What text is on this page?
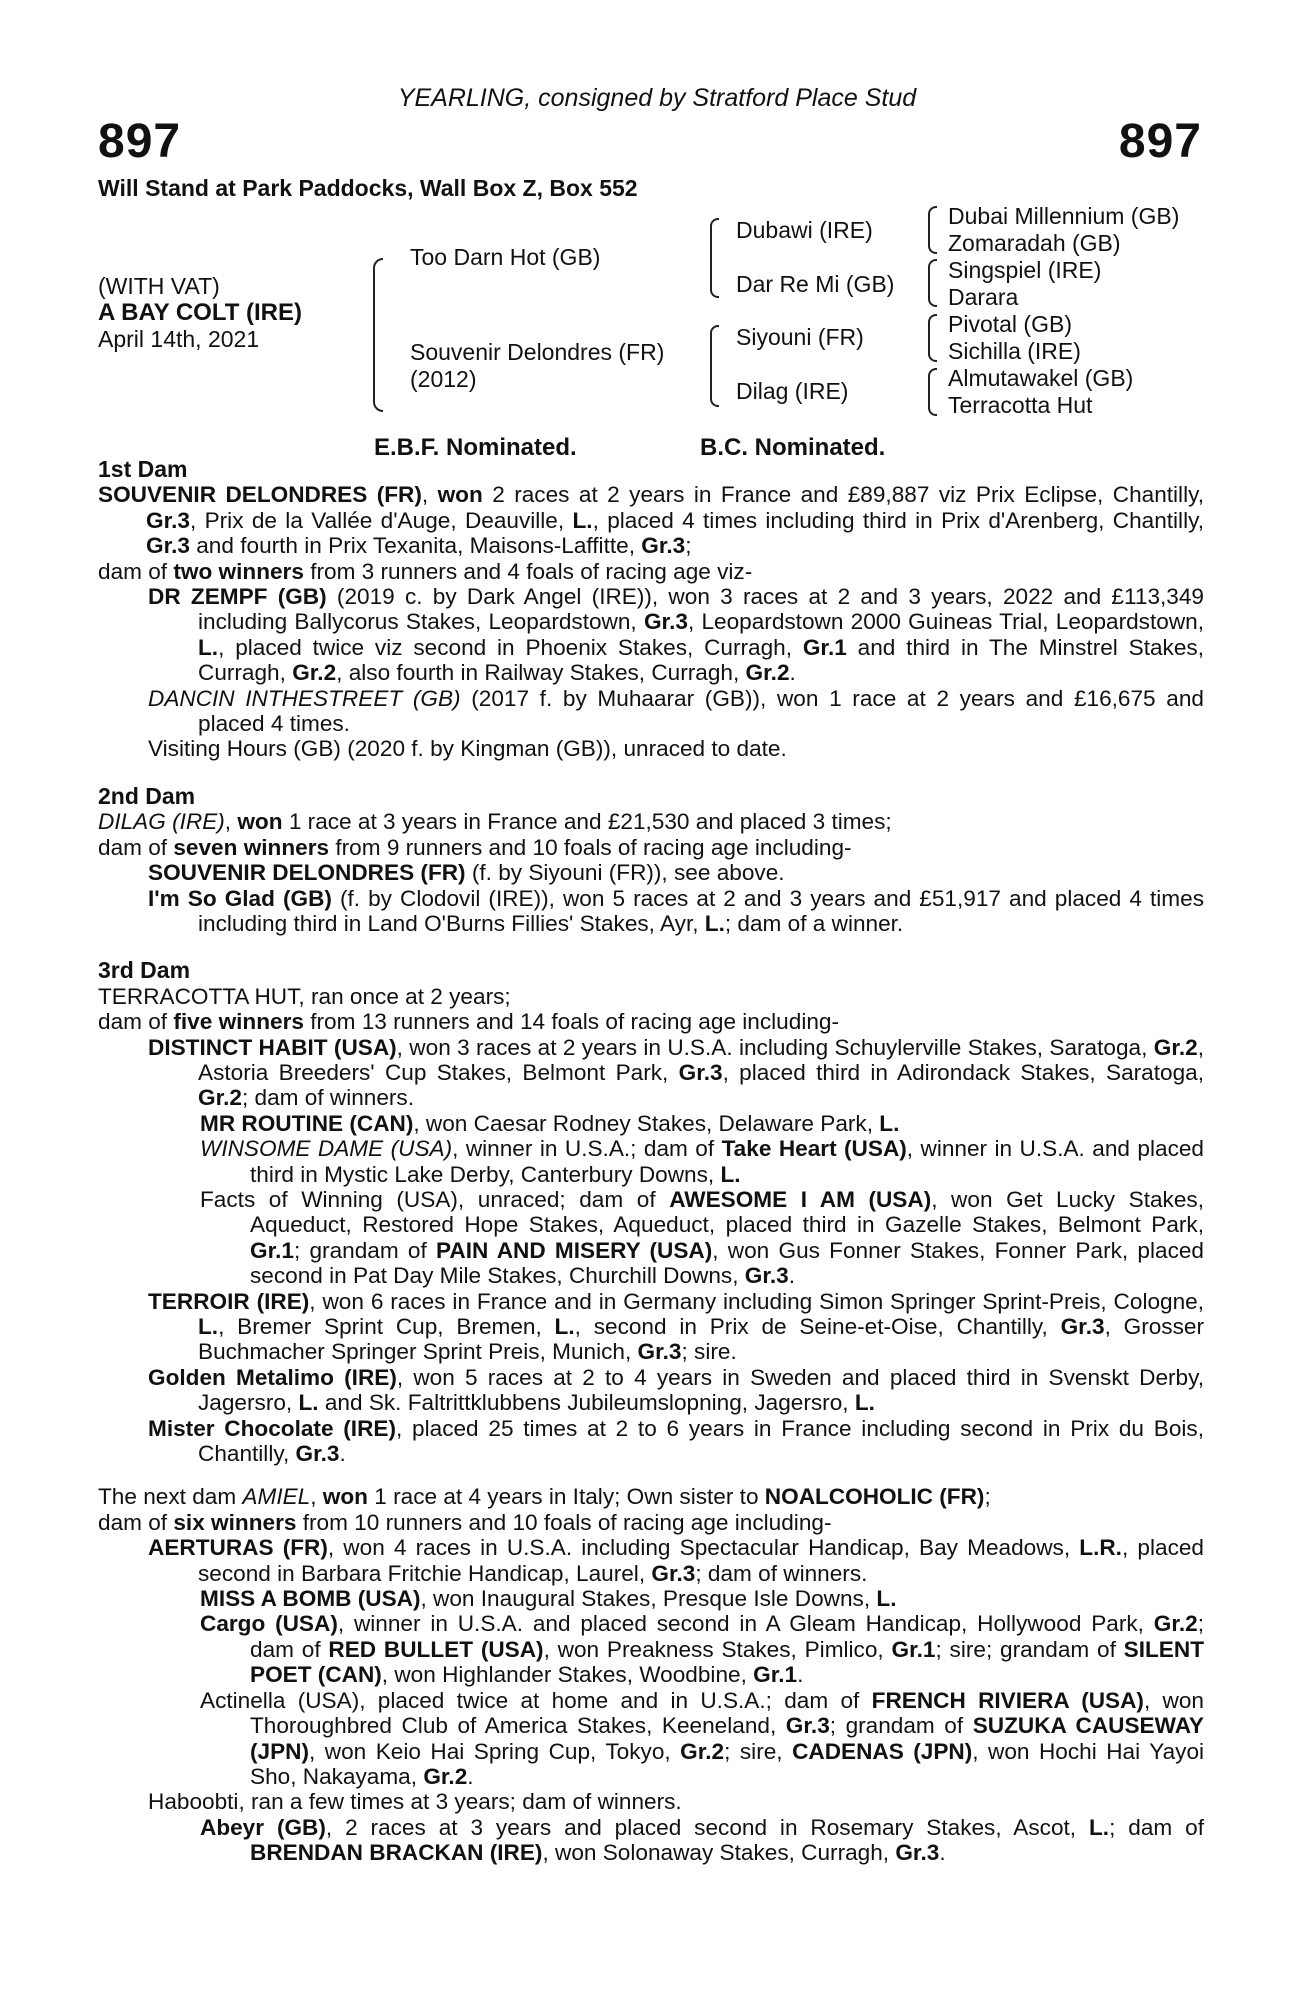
YEARLING, consigned by Stratford Place Stud
897	897
Will Stand at Park Paddocks, Wall Box Z, Box 552
(WITH VAT)
A BAY COLT (IRE)
April 14th, 2021
Too Darn Hot (GB)
Souvenir Delondres (FR)
(2012)
Dubawi (IRE)
Dar Re Mi (GB)
Siyouni (FR)
Dilag (IRE)
Dubai Millennium (GB)
Zomaradah (GB)
Singspiel (IRE)
Darara
Pivotal (GB)
Sichilla (IRE)
Almutawakel (GB)
Terracotta Hut
E.B.F. Nominated.	B.C. Nominated.
1st Dam

SOUVENIR DELONDRES (FR), won 2 races at 2 years in France and £89,887 viz Prix Eclipse, Chantilly, Gr.3, Prix de la Vallée d'Auge, Deauville, L., placed 4 times including third in Prix d'Arenberg, Chantilly, Gr.3 and fourth in Prix Texanita, Maisons-Laffitte, Gr.3;

dam of two winners from 3 runners and 4 foals of racing age viz-

DR ZEMPF (GB) (2019 c. by Dark Angel (IRE)), won 3 races at 2 and 3 years, 2022 and £113,349 including Ballycorus Stakes, Leopardstown, Gr.3, Leopardstown 2000 Guineas Trial, Leopardstown, L., placed twice viz second in Phoenix Stakes, Curragh, Gr.1 and third in The Minstrel Stakes, Curragh, Gr.2, also fourth in Railway Stakes, Curragh, Gr.2.

DANCIN INTHESTREET (GB) (2017 f. by Muhaarar (GB)), won 1 race at 2 years and £16,675 and placed 4 times.

Visiting Hours (GB) (2020 f. by Kingman (GB)), unraced to date.

2nd Dam

DILAG (IRE), won 1 race at 3 years in France and £21,530 and placed 3 times;

dam of seven winners from 9 runners and 10 foals of racing age including-

SOUVENIR DELONDRES (FR) (f. by Siyouni (FR)), see above.

I'm So Glad (GB) (f. by Clodovil (IRE)), won 5 races at 2 and 3 years and £51,917 and placed 4 times including third in Land O'Burns Fillies' Stakes, Ayr, L.; dam of a winner.

3rd Dam

TERRACOTTA HUT, ran once at 2 years;

dam of five winners from 13 runners and 14 foals of racing age including-

DISTINCT HABIT (USA), won 3 races at 2 years in U.S.A. including Schuylerville Stakes, Saratoga, Gr.2, Astoria Breeders' Cup Stakes, Belmont Park, Gr.3, placed third in Adirondack Stakes, Saratoga, Gr.2; dam of winners.

MR ROUTINE (CAN), won Caesar Rodney Stakes, Delaware Park, L.

WINSOME DAME (USA), winner in U.S.A.; dam of Take Heart (USA), winner in U.S.A. and placed third in Mystic Lake Derby, Canterbury Downs, L.

Facts of Winning (USA), unraced; dam of AWESOME I AM (USA), won Get Lucky Stakes, Aqueduct, Restored Hope Stakes, Aqueduct, placed third in Gazelle Stakes, Belmont Park, Gr.1; grandam of PAIN AND MISERY (USA), won Gus Fonner Stakes, Fonner Park, placed second in Pat Day Mile Stakes, Churchill Downs, Gr.3.

TERROIR (IRE), won 6 races in France and in Germany including Simon Springer Sprint-Preis, Cologne, L., Bremer Sprint Cup, Bremen, L., second in Prix de Seine-et-Oise, Chantilly, Gr.3, Grosser Buchmacher Springer Sprint Preis, Munich, Gr.3; sire.

Golden Metalimo (IRE), won 5 races at 2 to 4 years in Sweden and placed third in Svenskt Derby, Jagersro, L. and Sk. Faltrittklubbens Jubileumslopning, Jagersro, L.

Mister Chocolate (IRE), placed 25 times at 2 to 6 years in France including second in Prix du Bois, Chantilly, Gr.3.

The next dam AMIEL, won 1 race at 4 years in Italy; Own sister to NOALCOHOLIC (FR);

dam of six winners from 10 runners and 10 foals of racing age including-

AERTURAS (FR), won 4 races in U.S.A. including Spectacular Handicap, Bay Meadows, L.R., placed second in Barbara Fritchie Handicap, Laurel, Gr.3; dam of winners.

MISS A BOMB (USA), won Inaugural Stakes, Presque Isle Downs, L.

Cargo (USA), winner in U.S.A. and placed second in A Gleam Handicap, Hollywood Park, Gr.2; dam of RED BULLET (USA), won Preakness Stakes, Pimlico, Gr.1; sire; grandam of SILENT POET (CAN), won Highlander Stakes, Woodbine, Gr.1.

Actinella (USA), placed twice at home and in U.S.A.; dam of FRENCH RIVIERA (USA), won Thoroughbred Club of America Stakes, Keeneland, Gr.3; grandam of SUZUKA CAUSEWAY (JPN), won Keio Hai Spring Cup, Tokyo, Gr.2; sire, CADENAS (JPN), won Hochi Hai Yayoi Sho, Nakayama, Gr.2.

Haboobti, ran a few times at 3 years; dam of winners.

Abeyr (GB), 2 races at 3 years and placed second in Rosemary Stakes, Ascot, L.; dam of BRENDAN BRACKAN (IRE), won Solonaway Stakes, Curragh, Gr.3.
